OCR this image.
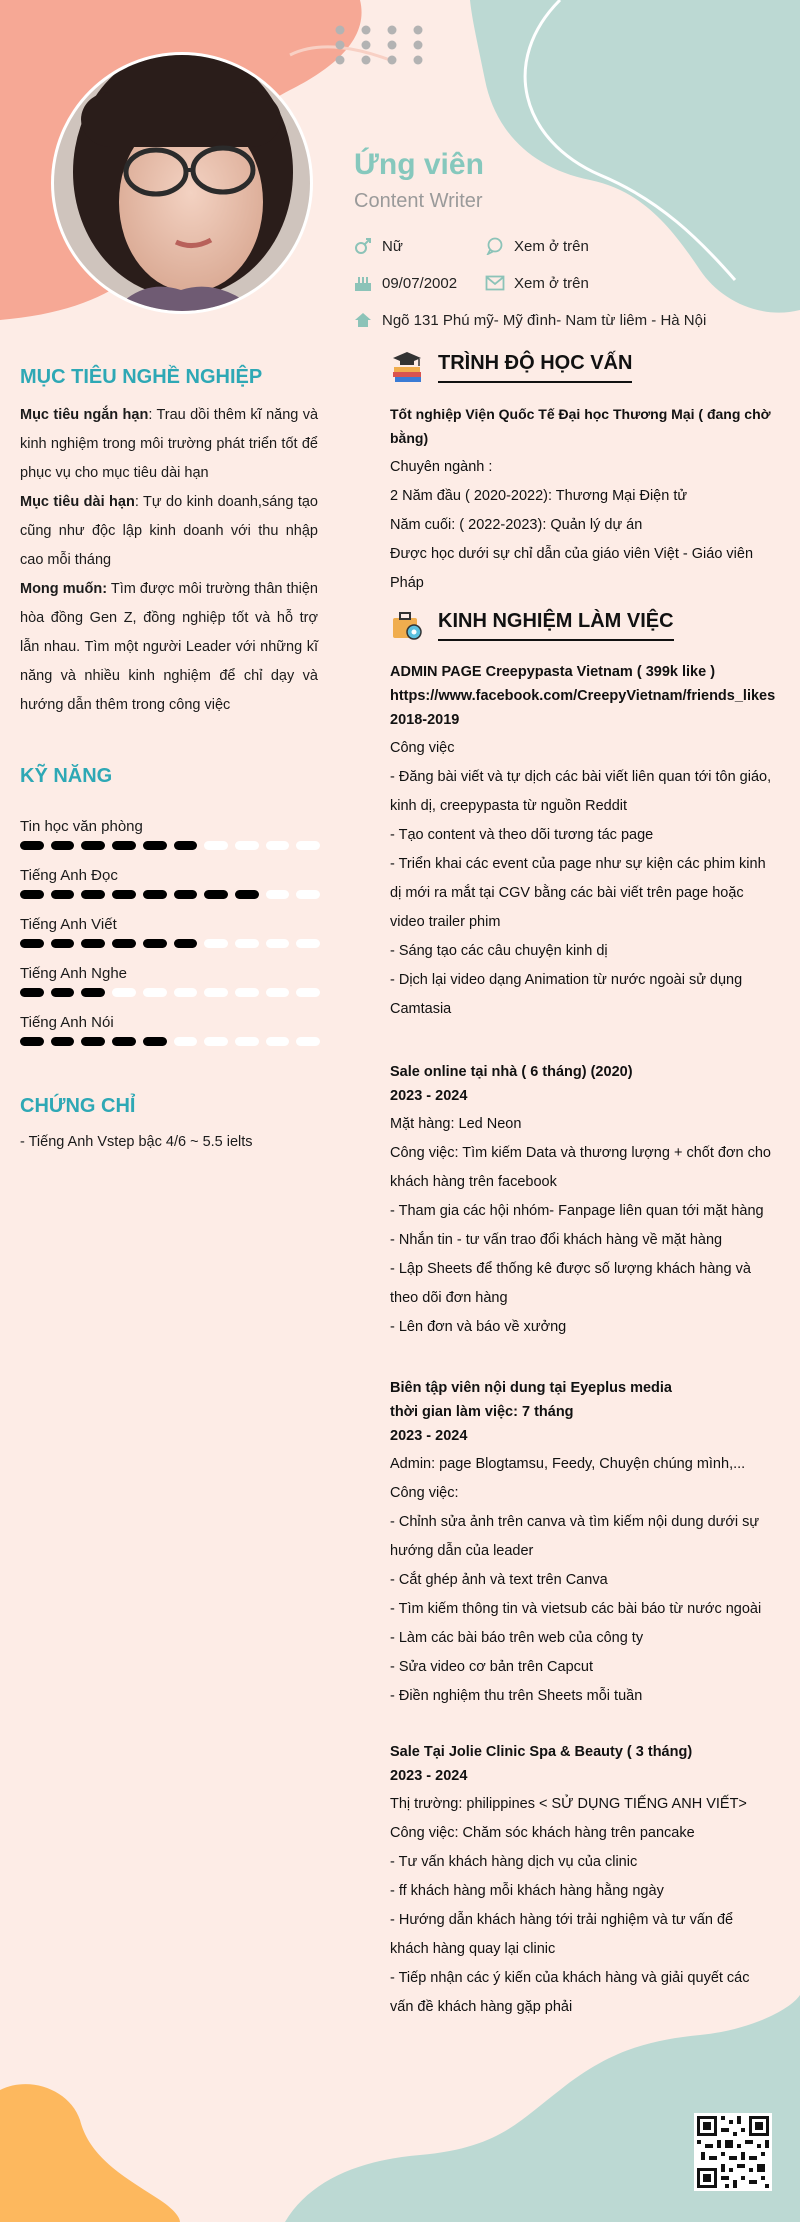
Ứng viên
Content Writer
Nữ	Xem ở trên
09/07/2002	Xem ở trên
Ngõ 131 Phú mỹ- Mỹ đình- Nam từ liêm - Hà Nội
MỤC TIÊU NGHỀ NGHIỆP
Mục tiêu ngắn hạn: Trau dồi thêm kĩ năng và kinh nghiệm trong môi trường phát triển tốt để phục vụ cho mục tiêu dài hạn
Mục tiêu dài hạn: Tự do kinh doanh,sáng tạo cũng như độc lập kinh doanh với thu nhập cao mỗi tháng
Mong muốn: Tìm được môi trường thân thiện hòa đồng Gen Z, đồng nghiệp tốt và hỗ trợ lẫn nhau. Tìm một người Leader với những kĩ năng và nhiều kinh nghiệm để chỉ dạy và hướng dẫn thêm trong công việc
KỸ NĂNG
Tin học văn phòng
Tiếng Anh Đọc
Tiếng Anh Viết
Tiếng Anh Nghe
Tiếng Anh Nói
CHỨNG CHỈ
- Tiếng Anh Vstep bậc 4/6 ~ 5.5 ielts
TRÌNH ĐỘ HỌC VẤN
Tốt nghiệp Viện Quốc Tế Đại học Thương Mại ( đang chờ bằng)
Chuyên ngành :
2 Năm đầu ( 2020-2022): Thương Mại Điện tử
Năm cuối: ( 2022-2023): Quản lý dự án
Được học dưới sự chỉ dẫn của giáo viên Việt - Giáo viên Pháp
KINH NGHIỆM LÀM VIỆC
ADMIN PAGE Creepypasta Vietnam ( 399k like )
https://www.facebook.com/CreepyVietnam/friends_likes
2018-2019
Công việc
- Đăng bài viết và tự dịch các bài viết liên quan tới tôn giáo, kinh dị, creepypasta từ nguồn Reddit
- Tạo content và theo dõi tương tác page
- Triển khai các event của page như sự kiện các phim kinh dị mới ra mắt tại CGV bằng các bài viết trên page hoặc video trailer phim
- Sáng tạo các câu chuyện kinh dị
- Dịch lại video dạng Animation từ nước ngoài sử dụng Camtasia
Sale online tại nhà ( 6 tháng) (2020)
2023 - 2024
Mặt hàng: Led Neon
Công việc: Tìm kiếm Data và thương lượng + chốt đơn cho khách hàng trên facebook
- Tham gia các hội nhóm- Fanpage liên quan tới mặt hàng
- Nhắn tin - tư vấn trao đổi khách hàng về mặt hàng
- Lập Sheets để thống kê được số lượng khách hàng và theo dõi đơn hàng
- Lên đơn và báo về xưởng
Biên tập viên nội dung tại Eyeplus media
thời gian làm việc: 7 tháng
2023 - 2024
Admin: page Blogtamsu, Feedy, Chuyện chúng mình,...
Công việc:
- Chỉnh sửa ảnh trên canva và tìm kiếm nội dung dưới sự hướng dẫn của leader
- Cắt ghép ảnh và text trên Canva
- Tìm kiếm thông tin và vietsub các bài báo từ nước ngoài
- Làm các bài báo trên web của công ty
- Sửa video cơ bản trên Capcut
- Điền nghiệm thu trên Sheets mỗi tuần
Sale Tại Jolie Clinic Spa & Beauty ( 3 tháng)
2023 - 2024
Thị trường: philippines < SỬ DỤNG TIẾNG ANH VIẾT>
Công việc: Chăm sóc khách hàng trên pancake
- Tư vấn khách hàng dịch vụ của clinic
- ff khách hàng mỗi khách hàng hằng ngày
- Hướng dẫn khách hàng tới trải nghiệm và tư vấn để khách hàng quay lại clinic
- Tiếp nhận các ý kiến của khách hàng và giải quyết các vấn đề khách hàng gặp phải
